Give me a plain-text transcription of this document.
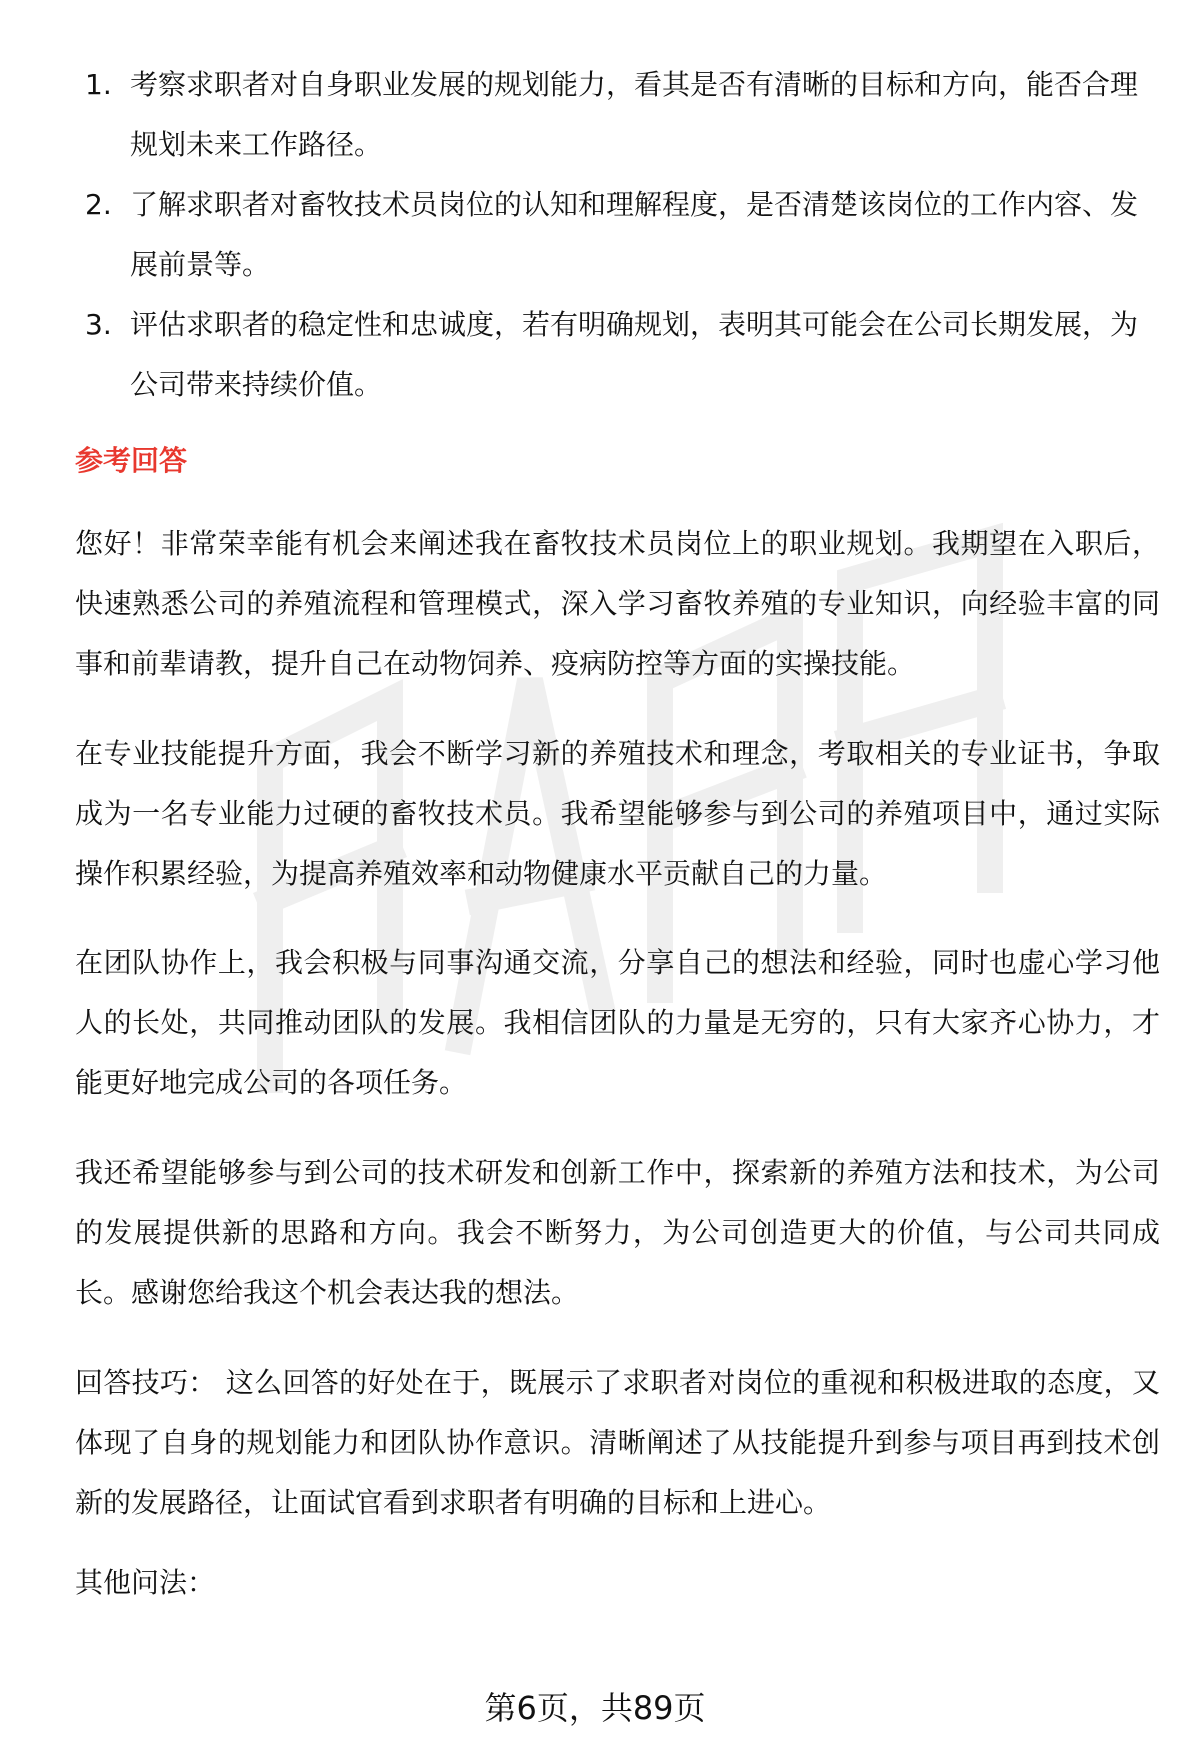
1. 考察求职者对自身职业发展的规划能力，看其是否有清晰的目标和方向，能否合理规划未来工作路径。
2. 了解求职者对畜牧技术员岗位的认知和理解程度，是否清楚该岗位的工作内容、发展前景等。
3. 评估求职者的稳定性和忠诚度，若有明确规划，表明其可能会在公司长期发展，为公司带来持续价值。
参考回答

您好！非常荣幸能有机会来阐述我在畜牧技术员岗位上的职业规划。我期望在入职后，快速熟悉公司的养殖流程和管理模式，深入学习畜牧养殖的专业知识，向经验丰富的同事和前辈请教，提升自己在动物饲养、疫病防控等方面的实操技能。

在专业技能提升方面，我会不断学习新的养殖技术和理念，考取相关的专业证书，争取成为一名专业能力过硬的畜牧技术员。我希望能够参与到公司的养殖项目中，通过实际操作积累经验，为提高养殖效率和动物健康水平贡献自己的力量。

在团队协作上，我会积极与同事沟通交流，分享自己的想法和经验，同时也虚心学习他人的长处，共同推动团队的发展。我相信团队的力量是无穷的，只有大家齐心协力，才能更好地完成公司的各项任务。

我还希望能够参与到公司的技术研发和创新工作中，探索新的养殖方法和技术，为公司的发展提供新的思路和方向。我会不断努力，为公司创造更大的价值，与公司共同成长。感谢您给我这个机会表达我的想法。

回答技巧： 这么回答的好处在于，既展示了求职者对岗位的重视和积极进取的态度，又体现了自身的规划能力和团队协作意识。清晰阐述了从技能提升到参与项目再到技术创新的发展路径，让面试官看到求职者有明确的目标和上进心。

其他问法：

第6页，共89页
